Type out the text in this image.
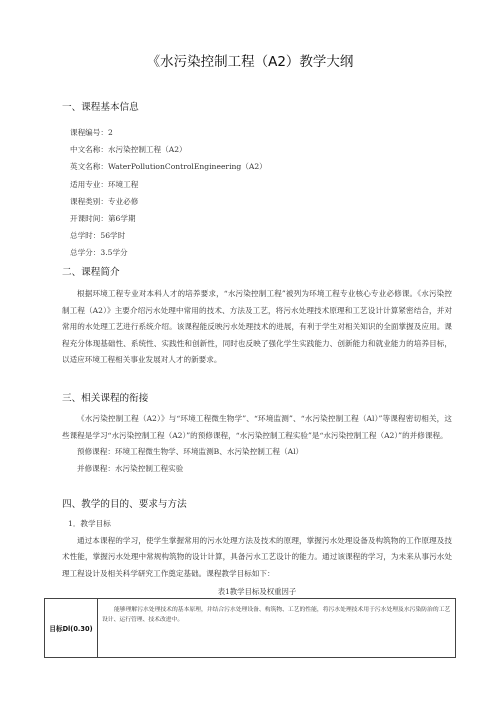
《水污染控制工程（A2）教学大纲

一、课程基本信息

课程编号：2

中文名称：水污染控制工程（A2）

英文名称：WaterPollutionControlEngineering（A2）

适用专业：环境工程

课程类别：专业必修

开课时间：第6学期

总学时：56学时

总学分：3.5学分

二、课程简介

根据环境工程专业对本科人才的培养要求，“水污染控制工程”被列为环境工程专业核心专业必修课。《水污染控制工程（A2）》主要介绍污水处理中常用的技术、方法及工艺，将污水处理技术原理和工艺设计计算紧密结合，并对常用的水处理工艺进行系统介绍。该课程能反映污水处理技术的进展，有利于学生对相关知识的全面掌握及应用。课程充分体现基础性、系统性、实践性和创新性，同时也反映了强化学生实践能力、创新能力和就业能力的培养目标，以适应环境工程相关事业发展对人才的新要求。

三、相关课程的衔接

《水污染控制工程（A2）》与“环境工程微生物学”、“环境监测”、“水污染控制工程（Al）”等课程密切相关，这些课程是学习“水污染控制工程（A2）”的预修课程，“水污染控制工程实验”是“水污染控制工程（A2）”的并修课程。

预修课程：环境工程微生物学、环境监测B、水污染控制工程（Al）

并修课程：水污染控制工程实验

四、教学的目的、要求与方法

1．教学目标

通过本课程的学习，使学生掌握常用的污水处理方法及技术的原理，掌握污水处理设备及构筑物的工作原理及技术性能，掌握污水处理中常规构筑物的设计计算，具备污水工艺设计的能力。通过该课程的学习，为未来从事污水处理工程设计及相关科学研究工作奠定基础。课程教学目标如下：

表1教学目标及权重因子

目标Dl(0.30)	能够理解污水处理技术的基本原理，并结合污水处理设备、构筑物、工艺的性能，将污水处理技术用于污水处理及水污染防治的工艺设计、运行管理、技术改进中。
